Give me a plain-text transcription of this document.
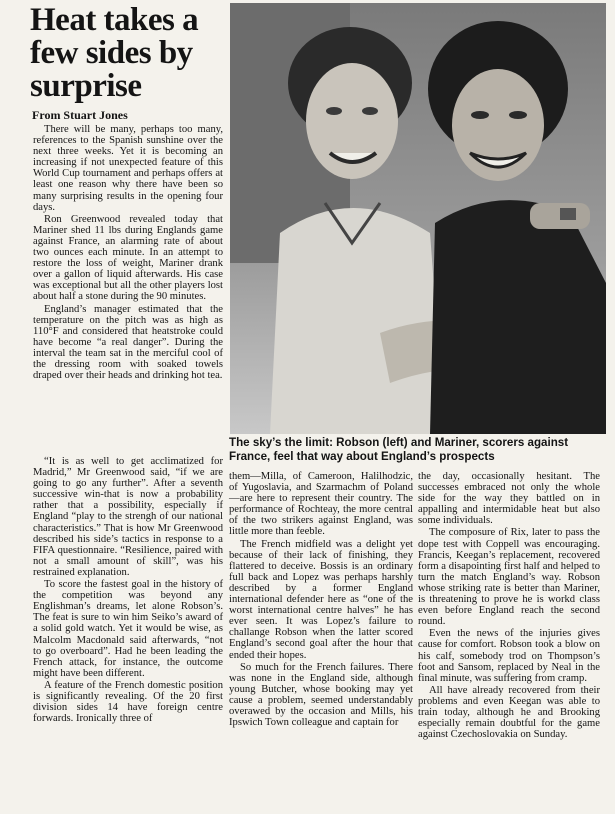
Heat takes a few sides by surprise

From Stuart Jones

The sky’s the limit: Robson (left) and Mariner, scorers against France, feel that way about England’s prospects

There will be many, perhaps too many, references to the Spanish sunshine over the next three weeks. Yet it is becoming an increasing if not unexpected feature of this World Cup tournament and perhaps offers at least one reason why there have been so many surprising results in the opening four days.

Ron Greenwood revealed today that Mariner shed 11 lbs during Englands game against France, an alarming rate of about two ounces each minute. In an attempt to restore the loss of weight, Mariner drank over a gallon of liquid afterwards. His case was exceptional but all the other players lost about half a stone during the 90 minutes.

England’s manager estimated that the temperature on the pitch was as high as 110°F and considered that heatstroke could have become “a real danger”. During the interval the team sat in the merciful cool of the dressing room with soaked towels draped over their heads and drinking hot tea.

“It is as well to get acclimatized for Madrid,” Mr Greenwood said, “if we are going to go any further”. After a seventh successive win-that is now a probability rather that a possibility, especially if England “play to the strengh of our national characteristics.” That is how Mr Greenwood described his side’s tactics in response to a FIFA questionnaire. “Resilience, paired with not a small amount of skill”, was his restrained explanation.

To score the fastest goal in the history of the competition was beyond any Englishman’s dreams, let alone Robson’s. The feat is sure to win him Seiko’s award of a solid gold watch. Yet it would be wise, as Malcolm Macdonald said afterwards, “not to go overboard”. Had he been leading the French attack, for instance, the outcome might have been different.

A feature of the French domestic position is significantly revealing. Of the 20 first division sides 14 have foreign centre forwards. Ironically three of

them—Milla, of Cameroon, Halilhodzic, of Yugoslavia, and Szarmachm of Poland—are here to represent their country. The performance of Rochteay, the more central of the two strikers against England, was little more than feeble.

The French midfield was a delight yet because of their lack of finishing, they flattered to deceive. Bossis is an ordinary full back and Lopez was perhaps harshly described by a former England international defender here as “one of the worst international centre halves” he has ever seen. It was Lopez’s failure to challange Robson when the latter scored England’s second goal after the hour that ended their hopes.

So much for the French failures. There was none in the England side, although young Butcher, whose booking may yet cause a problem, seemed understandably overawed by the occasion and Mills, his Ipswich Town colleague and captain for

the day, occasionally hesitant. The successes embraced not only the whole side for the way they battled on in appalling and intermidable heat but also some individuals.

The composure of Rix, later to pass the dope test with Coppell was encouraging. Francis, Keegan’s replacement, recovered form a disapointing first half and helped to turn the match England’s way. Robson whose striking rate is better than Mariner, is threatening to prove he is workd class even before England reach the second round.

Even the news of the injuries gives cause for comfort. Robson took a blow on his calf, somebody trod on Thompson’s foot and Sansom, replaced by Neal in the final minute, was suffering from cramp.

All have already recovered from their problems and even Keegan was able to train today, although he and Brooking especially remain doubtful for the game against Czechoslovakia on Sunday.
